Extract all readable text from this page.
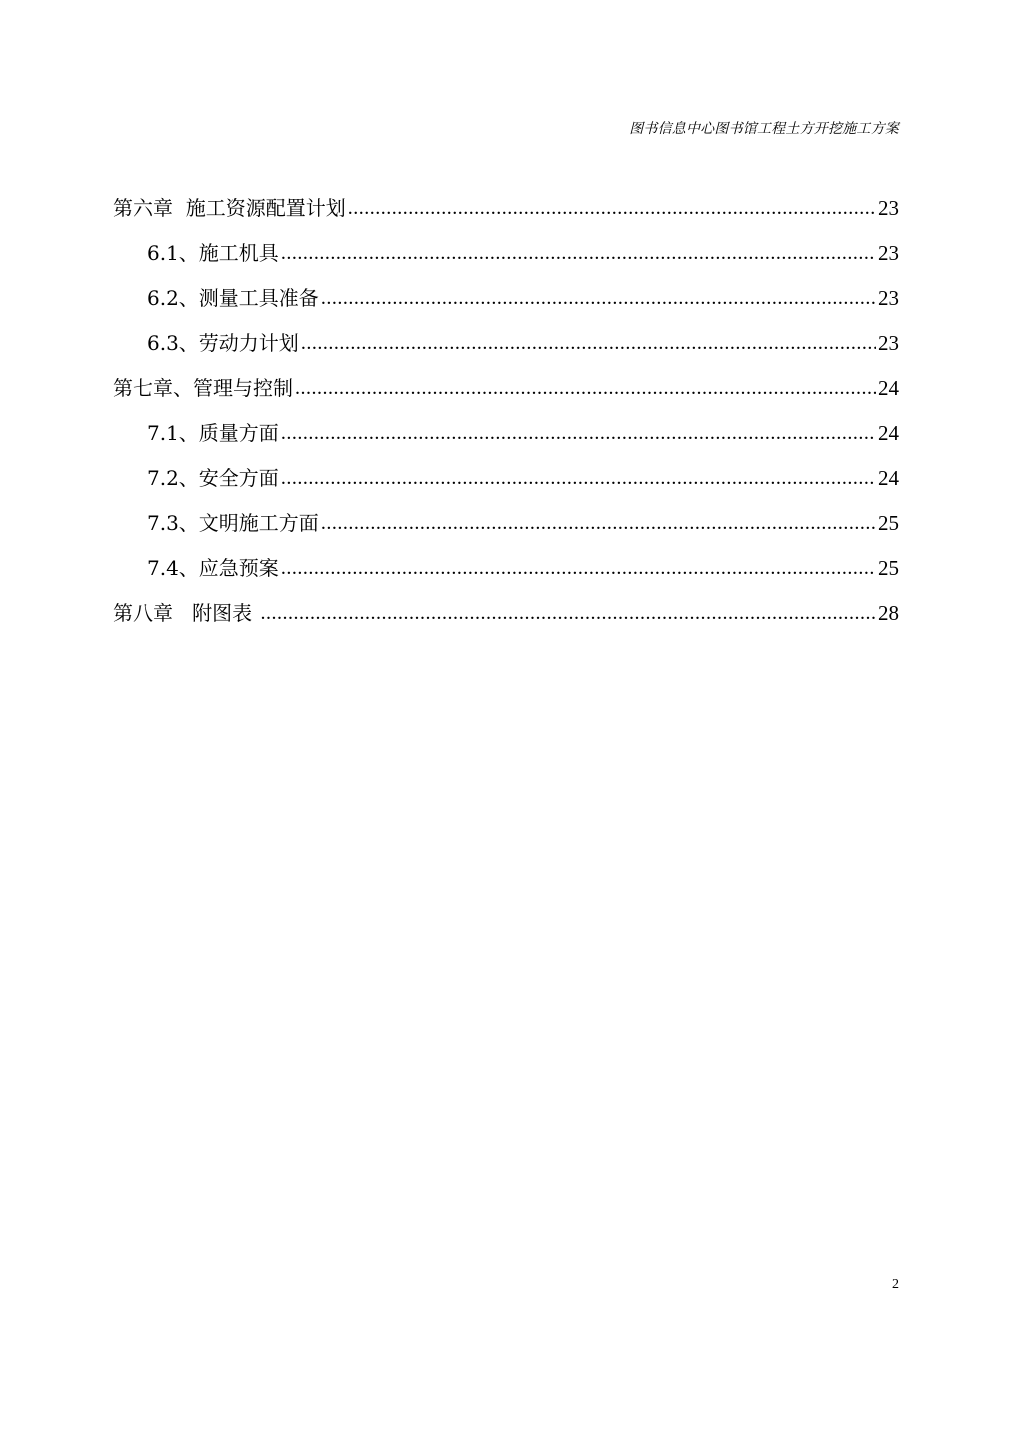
图书信息中心图书馆工程土方开挖施工方案
第六章  施工资源配置计划 .....	23
6.1、施工机具 .....	23
6.2、测量工具准备 .....	23
6.3、劳动力计划 .....	23
第七章、管理与控制 .....	24
7.1、质量方面 .....	24
7.2、安全方面 .....	24
7.3、文明施工方面 .....	25
7.4、应急预案 .....	25
第八章   附图表 .....	28
2
